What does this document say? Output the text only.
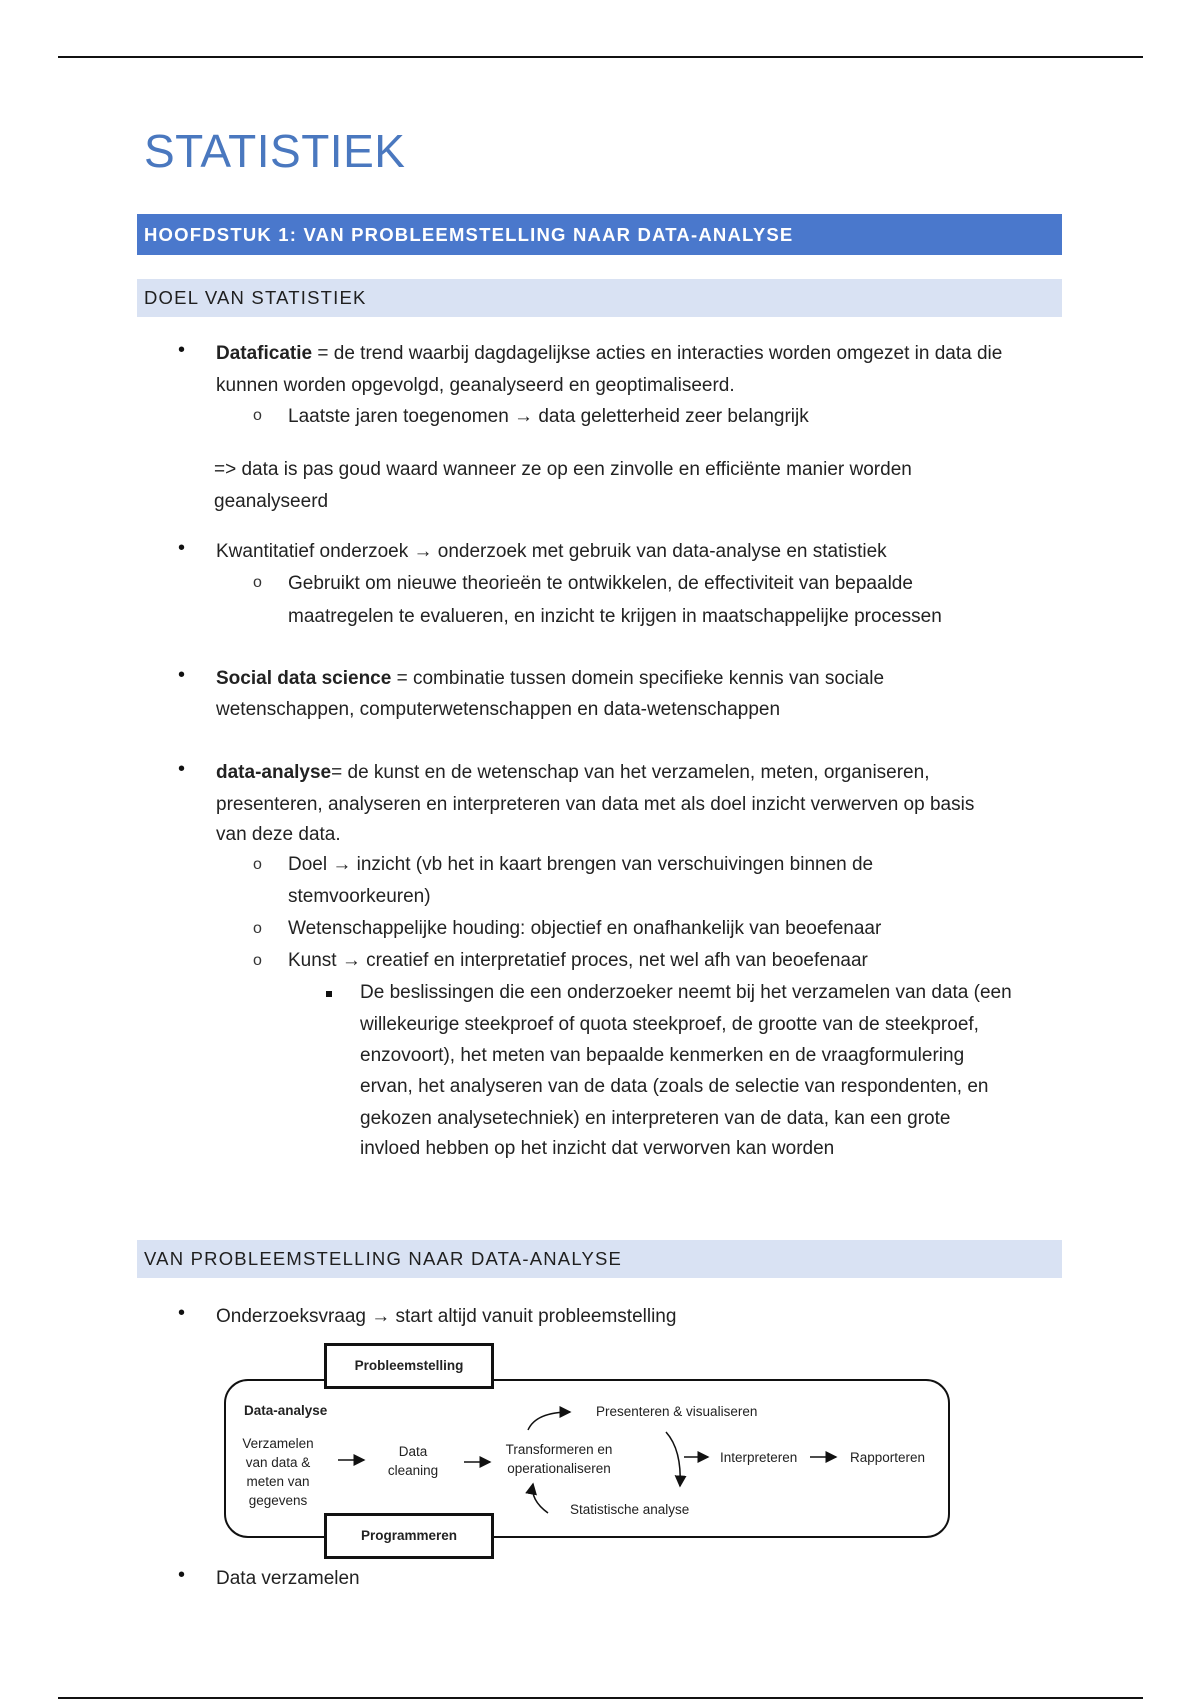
STATISTIEK
HOOFDSTUK 1: VAN PROBLEEMSTELLING NAAR DATA-ANALYSE
DOEL VAN STATISTIEK
• Dataficatie = de trend waarbij dagdagelijkse acties en interacties worden omgezet in data die
kunnen worden opgevolgd, geanalyseerd en geoptimaliseerd.
o Laatste jaren toegenomen → data geletterheid zeer belangrijk
=> data is pas goud waard wanneer ze op een zinvolle en efficiënte manier worden
geanalyseerd
• Kwantitatief onderzoek → onderzoek met gebruik van data-analyse en statistiek
o Gebruikt om nieuwe theorieën te ontwikkelen, de effectiviteit van bepaalde
maatregelen te evalueren, en inzicht te krijgen in maatschappelijke processen
• Social data science = combinatie tussen domein specifieke kennis van sociale
wetenschappen, computerwetenschappen en data-wetenschappen
• data-analyse= de kunst en de wetenschap van het verzamelen, meten, organiseren,
presenteren, analyseren en interpreteren van data met als doel inzicht verwerven op basis
van deze data.
o Doel → inzicht (vb het in kaart brengen van verschuivingen binnen de
stemvoorkeuren)
o Wetenschappelijke houding: objectief en onafhankelijk van beoefenaar
o Kunst → creatief en interpretatief proces, net wel afh van beoefenaar
De beslissingen die een onderzoeker neemt bij het verzamelen van data (een
willekeurige steekproef of quota steekproef, de grootte van de steekproef,
enzovoort), het meten van bepaalde kenmerken en de vraagformulering
ervan, het analyseren van de data (zoals de selectie van respondenten, en
gekozen analysetechniek) en interpreteren van de data, kan een grote
invloed hebben op het inzicht dat verworven kan worden
VAN PROBLEEMSTELLING NAAR DATA-ANALYSE
• Onderzoeksvraag → start altijd vanuit probleemstelling
Probleemstelling
Programmeren
Data-analyse
Verzamelen
van data &
meten van
gegevens
Data
cleaning
Transformeren en
operationaliseren
Presenteren & visualiseren
Statistische analyse
Interpreteren	Rapporteren
• Data verzamelen
